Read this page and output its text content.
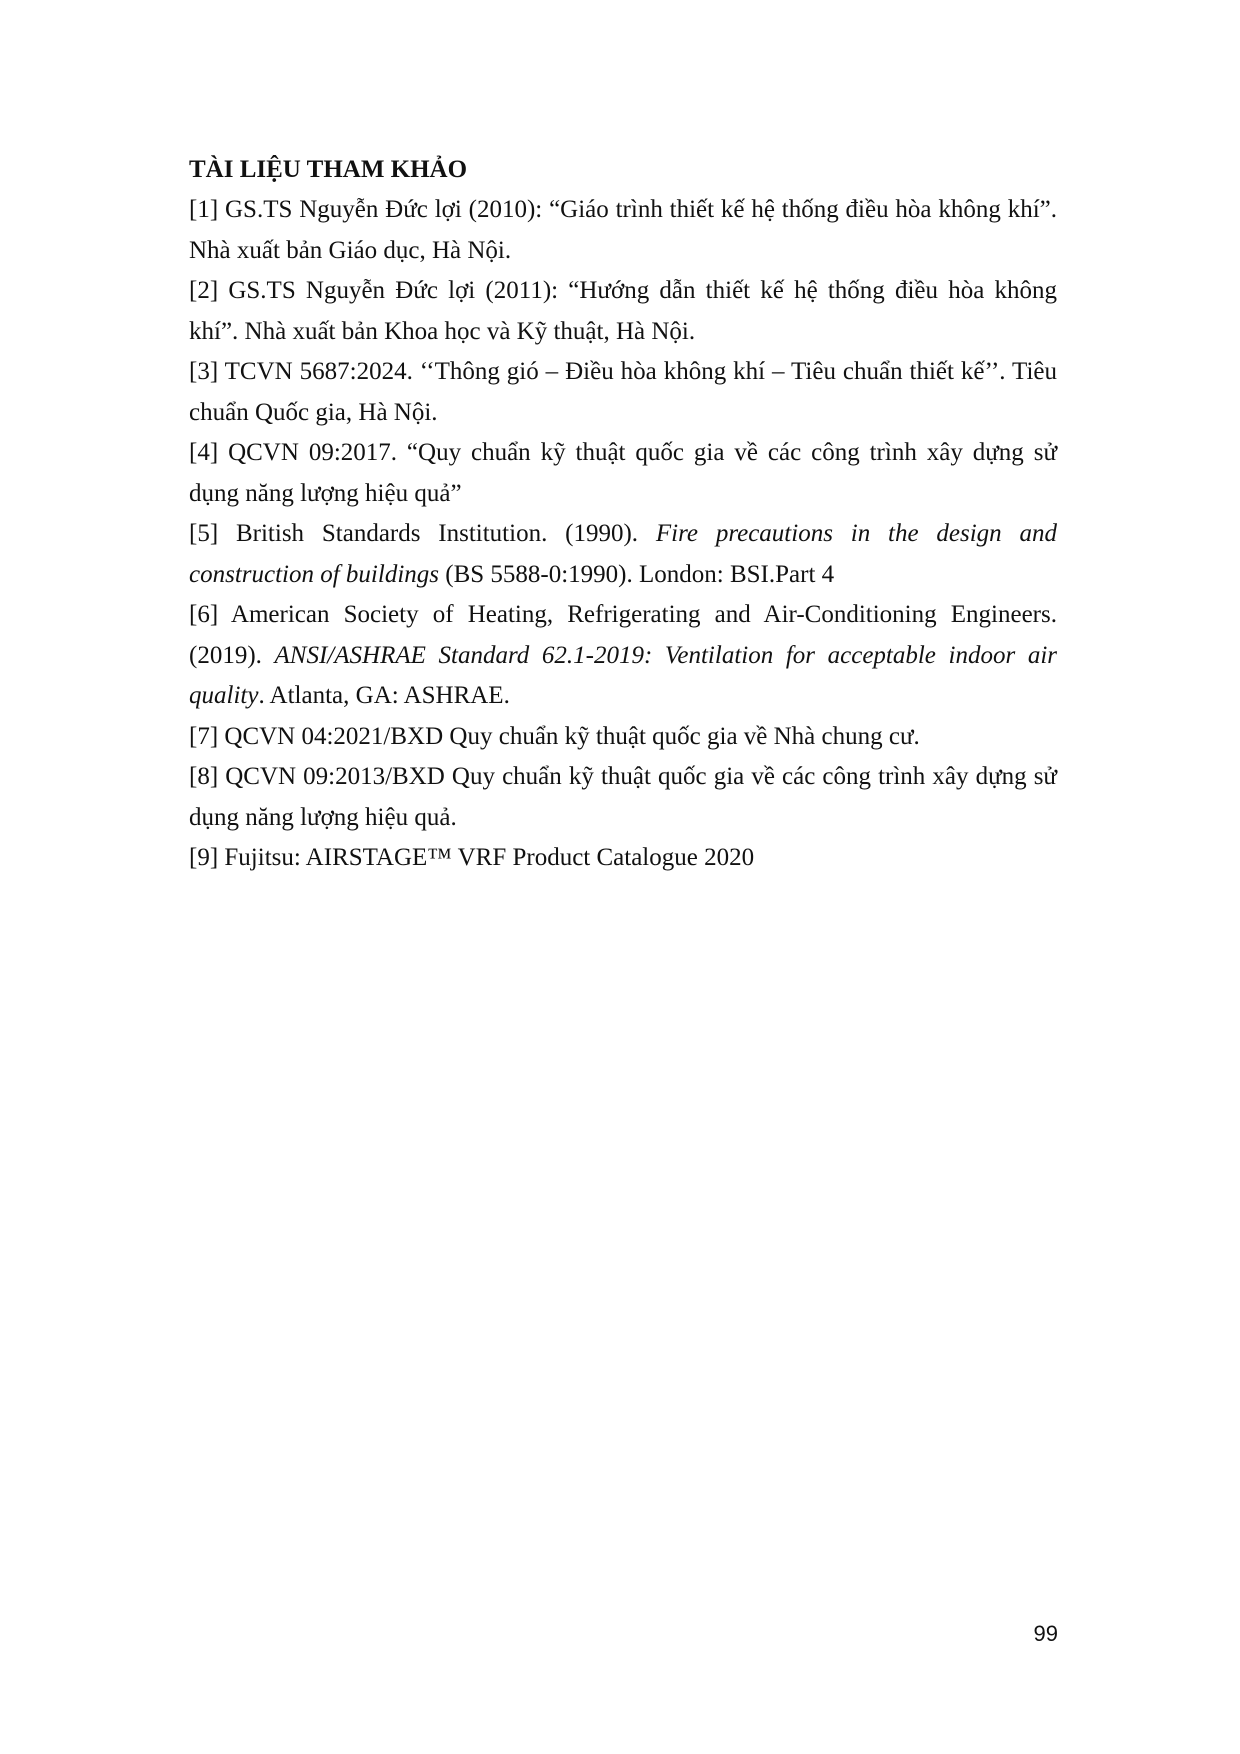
TÀI LIỆU THAM KHẢO
[1] GS.TS Nguyễn Đức lợi (2010): “Giáo trình thiết kế hệ thống điều hòa không khí”. Nhà xuất bản Giáo dục, Hà Nội.
[2] GS.TS Nguyễn Đức lợi (2011): “Hướng dẫn thiết kế hệ thống điều hòa không khí”. Nhà xuất bản Khoa học và Kỹ thuật, Hà Nội.
[3] TCVN 5687:2024. ‘‘Thông gió – Điều hòa không khí – Tiêu chuẩn thiết kế’’. Tiêu chuẩn Quốc gia, Hà Nội.
[4] QCVN 09:2017. “Quy chuẩn kỹ thuật quốc gia về các công trình xây dựng sử dụng năng lượng hiệu quả”
[5] British Standards Institution. (1990). Fire precautions in the design and construction of buildings (BS 5588-0:1990). London: BSI.Part 4
[6] American Society of Heating, Refrigerating and Air-Conditioning Engineers. (2019). ANSI/ASHRAE Standard 62.1-2019: Ventilation for acceptable indoor air quality. Atlanta, GA: ASHRAE.
[7] QCVN 04:2021/BXD Quy chuẩn kỹ thuật quốc gia về Nhà chung cư.
[8] QCVN 09:2013/BXD Quy chuẩn kỹ thuật quốc gia về các công trình xây dựng sử dụng năng lượng hiệu quả.
[9] Fujitsu: AIRSTAGE™ VRF Product Catalogue 2020
99
